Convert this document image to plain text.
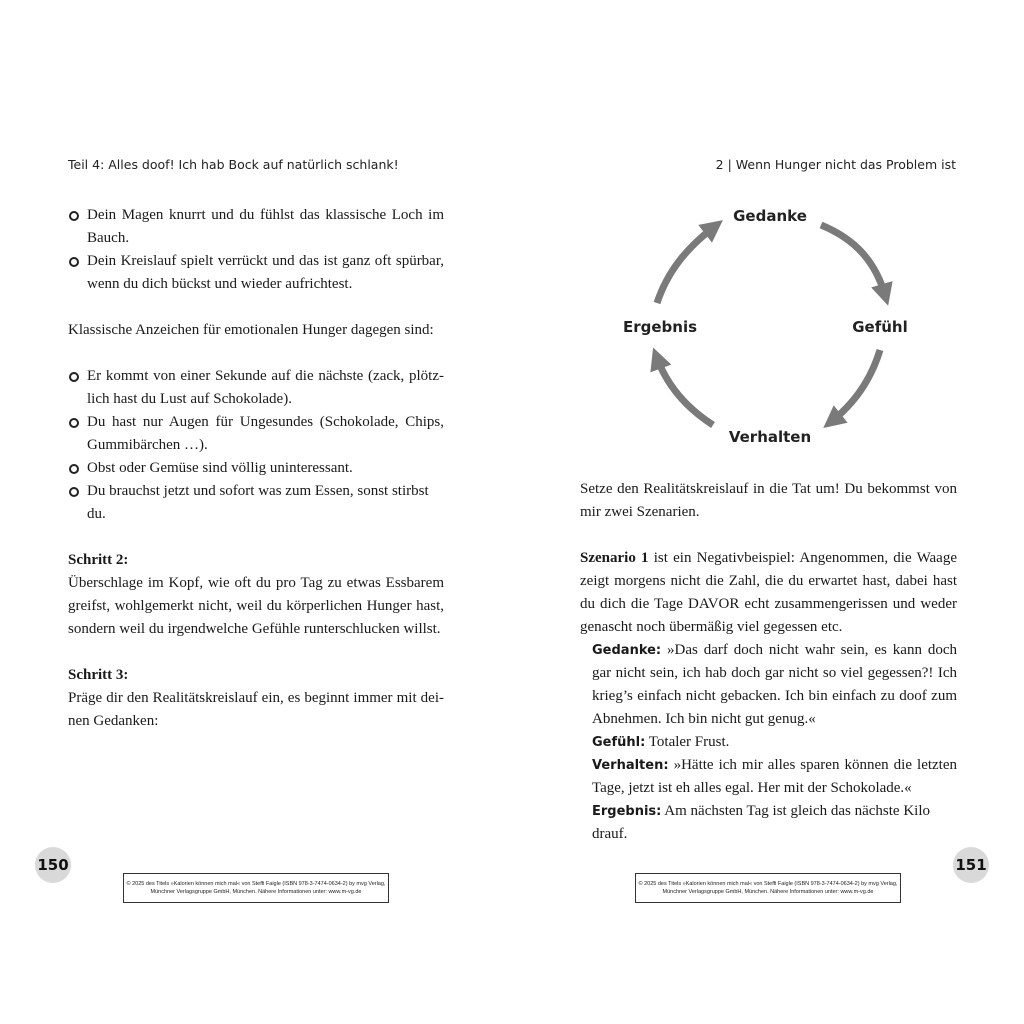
Teil 4: Alles doof! Ich hab Bock auf natürlich schlank!	2 | Wenn Hunger nicht das Problem ist
Dein Magen knurrt und du fühlst das klassische Loch im Bauch.
Dein Kreislauf spielt verrückt und das ist ganz oft spürbar, wenn du dich bückst und wieder aufrichtest.

Klassische Anzeichen für emotionalen Hunger dagegen sind:

Er kommt von einer Sekunde auf die nächste (zack, plötzlich hast du Lust auf Schokolade).
Du hast nur Augen für Ungesundes (Schokolade, Chips, Gummibärchen …).
Obst oder Gemüse sind völlig uninteressant.
Du brauchst jetzt und sofort was zum Essen, sonst stirbst du.

Schritt 2:

Überschlage im Kopf, wie oft du pro Tag zu etwas Essbarem greifst, wohlgemerkt nicht, weil du körperlichen Hunger hast, sondern weil du irgendwelche Gefühle runterschlucken willst.

Schritt 3:

Präge dir den Realitätskreislauf ein, es beginnt immer mit deinen Gedanken:

Gedanke
Gefühl
Verhalten
Ergebnis

Setze den Realitätskreislauf in die Tat um! Du bekommst von mir zwei Szenarien.

Szenario 1 ist ein Negativbeispiel: Angenommen, die Waage zeigt morgens nicht die Zahl, die du erwartet hast, dabei hast du dich die Tage DAVOR echt zusammengerissen und weder genascht noch übermäßig viel gegessen etc.

Gedanke: »Das darf doch nicht wahr sein, es kann doch gar nicht sein, ich hab doch gar nicht so viel gegessen?! Ich krieg’s einfach nicht gebacken. Ich bin einfach zu doof zum Abnehmen. Ich bin nicht gut genug.«

Gefühl: Totaler Frust.

Verhalten: »Hätte ich mir alles sparen können die letzten Tage, jetzt ist eh alles egal. Her mit der Schokolade.«

Ergebnis: Am nächsten Tag ist gleich das nächste Kilo drauf.

150	151
© 2025 des Titels »Kalorien können mich mal« von Steffi Faigle (ISBN 978-3-7474-0634-2) by mvg Verlag,
Münchner Verlagsgruppe GmbH, München. Nähere Informationen unter: www.m-vg.de
© 2025 des Titels »Kalorien können mich mal« von Steffi Faigle (ISBN 978-3-7474-0634-2) by mvg Verlag,
Münchner Verlagsgruppe GmbH, München. Nähere Informationen unter: www.m-vg.de
